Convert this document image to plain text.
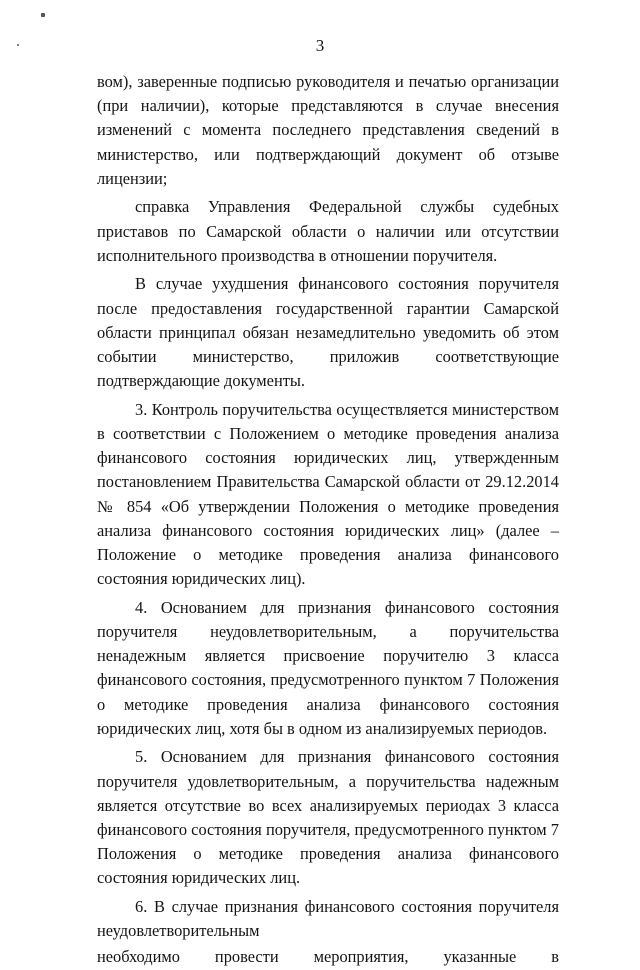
3

вом), заверенные подписью руководителя и печатью организации (при наличии), которые представляются в случае внесения изменений с момента последнего представления сведений в министерство, или подтверждающий документ об отзыве лицензии;

справка Управления Федеральной службы судебных приставов по Самарской области о наличии или отсутствии исполнительного производства в отношении поручителя.

В случае ухудшения финансового состояния поручителя после предоставления государственной гарантии Самарской области принципал обязан незамедлительно уведомить об этом событии министерство, приложив соответствующие подтверждающие документы.

3. Контроль поручительства осуществляется министерством в соответствии с Положением о методике проведения анализа финансового состояния юридических лиц, утвержденным постановлением Правительства Самарской области от 29.12.2014 № 854 «Об утверждении Положения о методике проведения анализа финансового состояния юридических лиц» (далее – Положение о методике проведения анализа финансового состояния юридических лиц).

4. Основанием для признания финансового состояния поручителя неудовлетворительным, а поручительства ненадежным является присвоение поручителю 3 класса финансового состояния, предусмотренного пунктом 7 Положения о методике проведения анализа финансового состояния юридических лиц, хотя бы в одном из анализируемых периодов.

5. Основанием для признания финансового состояния поручителя удовлетворительным, а поручительства надежным является отсутствие во всех анализируемых периодах 3 класса финансового состояния поручителя, предусмотренного пунктом 7 Положения о методике проведения анализа финансового состояния юридических лиц.

6. В случае признания финансового состояния поручителя неудовлетворительным

необходимо провести мероприятия, указанные в
